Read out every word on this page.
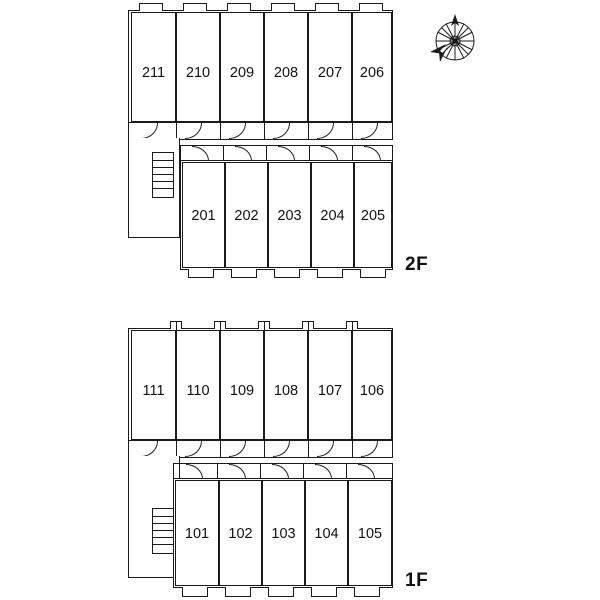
211	210	209	208	207	206
201	202	203	204	205
2F
111	110	109	108	107	106
101	102	103	104	105
1F
